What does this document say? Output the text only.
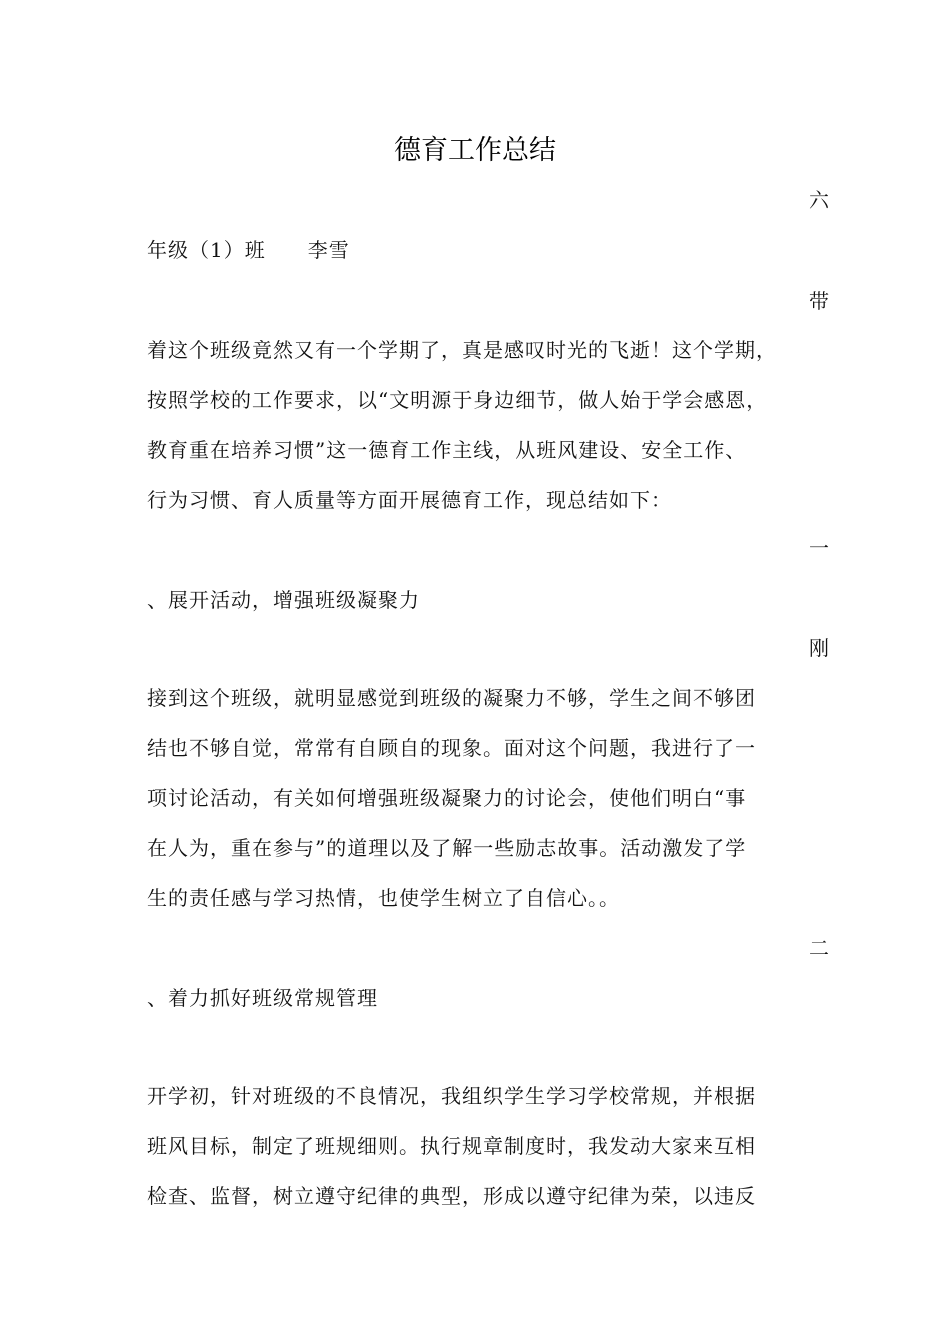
德育工作总结
六
年级（1）班　　李雪
带
着这个班级竟然又有一个学期了，真是感叹时光的飞逝！这个学期，
按照学校的工作要求，以“文明源于身边细节，做人始于学会感恩，
教育重在培养习惯”这一德育工作主线，从班风建设、安全工作、
行为习惯、育人质量等方面开展德育工作，现总结如下：
一
、展开活动，增强班级凝聚力
刚
接到这个班级，就明显感觉到班级的凝聚力不够，学生之间不够团
结也不够自觉，常常有自顾自的现象。面对这个问题，我进行了一
项讨论活动，有关如何增强班级凝聚力的讨论会，使他们明白“事
在人为，重在参与”的道理以及了解一些励志故事。活动激发了学
生的责任感与学习热情，也使学生树立了自信心。。
二
、着力抓好班级常规管理
开学初，针对班级的不良情况，我组织学生学习学校常规，并根据
班风目标，制定了班规细则。执行规章制度时，我发动大家来互相
检查、监督，树立遵守纪律的典型，形成以遵守纪律为荣，以违反
